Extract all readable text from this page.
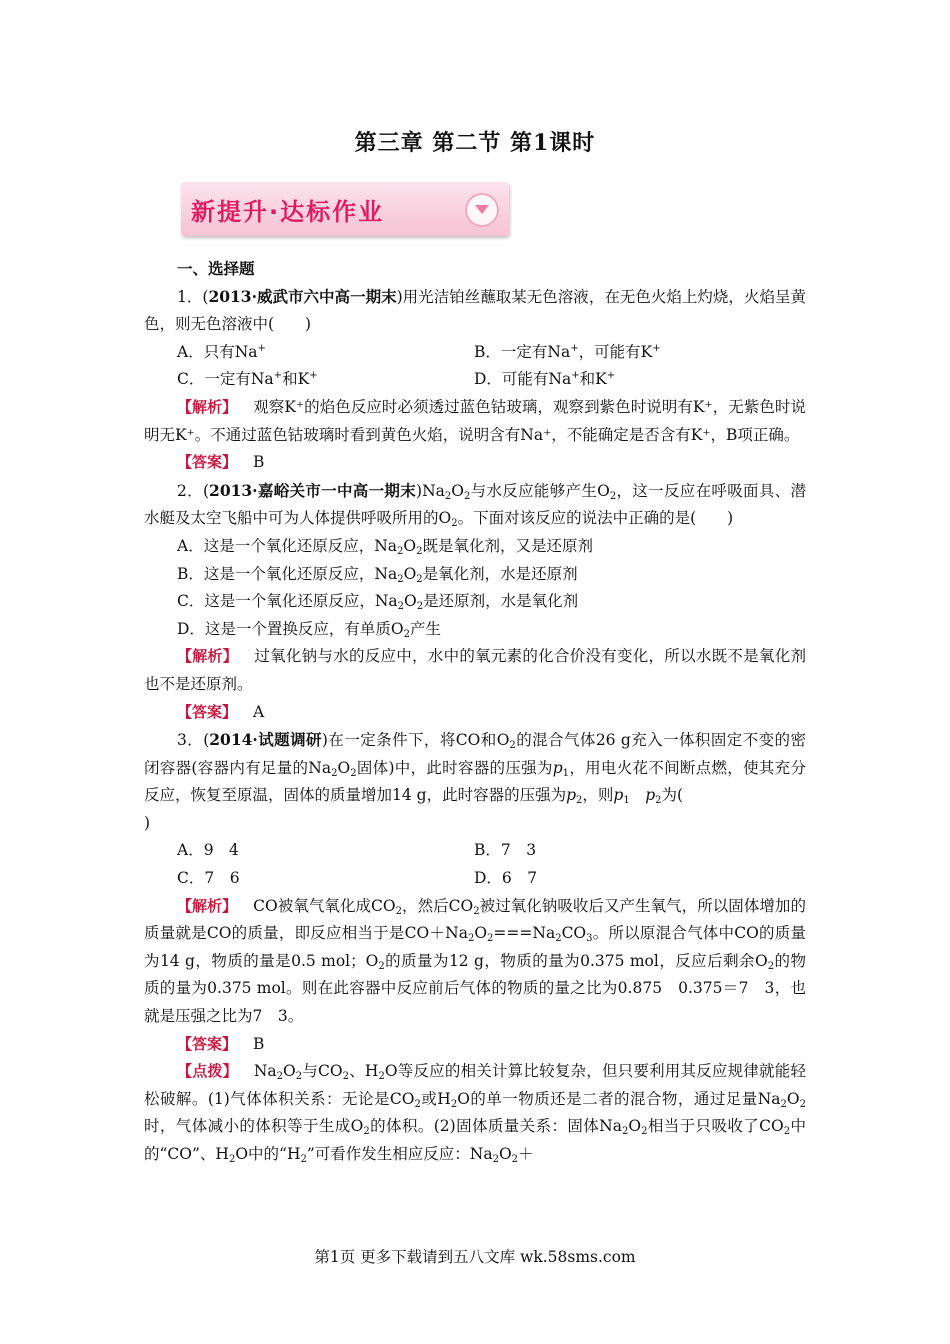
第三章 第二节 第1课时
新提升·达标作业
一、选择题

1．(2013·威武市六中高一期末)用光洁铂丝蘸取某无色溶液，在无色火焰上灼烧，火焰呈黄色，则无色溶液中(　　)

A．只有Na+	B．一定有Na+，可能有K+
C．一定有Na+和K+	D．可能有Na+和K+

【解析】 观察K⁺的焰色反应时必须透过蓝色钴玻璃，观察到紫色时说明有K⁺，无紫色时说明无K⁺。不通过蓝色钴玻璃时看到黄色火焰，说明含有Na⁺，不能确定是否含有K⁺，B项正确。

【答案】 B

2．(2013·嘉峪关市一中高一期末)$Na_2O_2$与水反应能够产生$O_2$，这一反应在呼吸面具、潜水艇及太空飞船中可为人体提供呼吸所用的$O_2$。下面对该反应的说法中正确的是(　　)

A．这是一个氧化还原反应，$Na_2O_2$既是氧化剂，又是还原剂

B．这是一个氧化还原反应，$Na_2O_2$是氧化剂，水是还原剂

C．这是一个氧化还原反应，$Na_2O_2$是还原剂，水是氧化剂

D．这是一个置换反应，有单质$O_2$产生

【解析】 过氧化钠与水的反应中，水中的氧元素的化合价没有变化，所以水既不是氧化剂也不是还原剂。

【答案】 A

3．(2014·试题调研)在一定条件下，将CO和$O_2$的混合气体26 g充入一体积固定不变的密闭容器(容器内有足量的$Na_2O_2$固体)中，此时容器的压强为$p_1$，用电火花不间断点燃，使其充分反应，恢复至原温，固体的质量增加14 g，此时容器的压强为$p_2$，则$p_1$　 $p_2$为(
)

A．9　4	B．7　3
C．7　6	D．6　7

【解析】 CO被氧气氧化成$CO_2$，然后$CO_2$被过氧化钠吸收后又产生氧气，所以固体增加的质量就是CO的质量，即反应相当于是$CO+Na_2O_2===Na_2CO_3$。所以原混合气体中CO的质量为14 g，物质的量是0.5 mol；$O_2$的质量为12 g，物质的量为0.375 mol，反应后剩余$O_2$的物质的量为0.375 mol。则在此容器中反应前后气体的物质的量之比为0.875　0.375＝7　3，也就是压强之比为7　3。

【答案】 B

【点拨】 $Na_2O_2$与$CO_2$、$H_2O$等反应的相关计算比较复杂，但只要利用其反应规律就能轻松破解。(1)气体体积关系：无论是$CO_2$或$H_2O$的单一物质还是二者的混合物，通过足量$Na_2O_2$时，气体减小的体积等于生成$O_2$的体积。(2)固体质量关系：固体$Na_2O_2$相当于只吸收了$CO_2$中的“CO”、$H_2O$中的“$H_2$”可看作发生相应反应：$Na_2O_2+$

第1页 更多下载请到五八文库 wk.58sms.com
